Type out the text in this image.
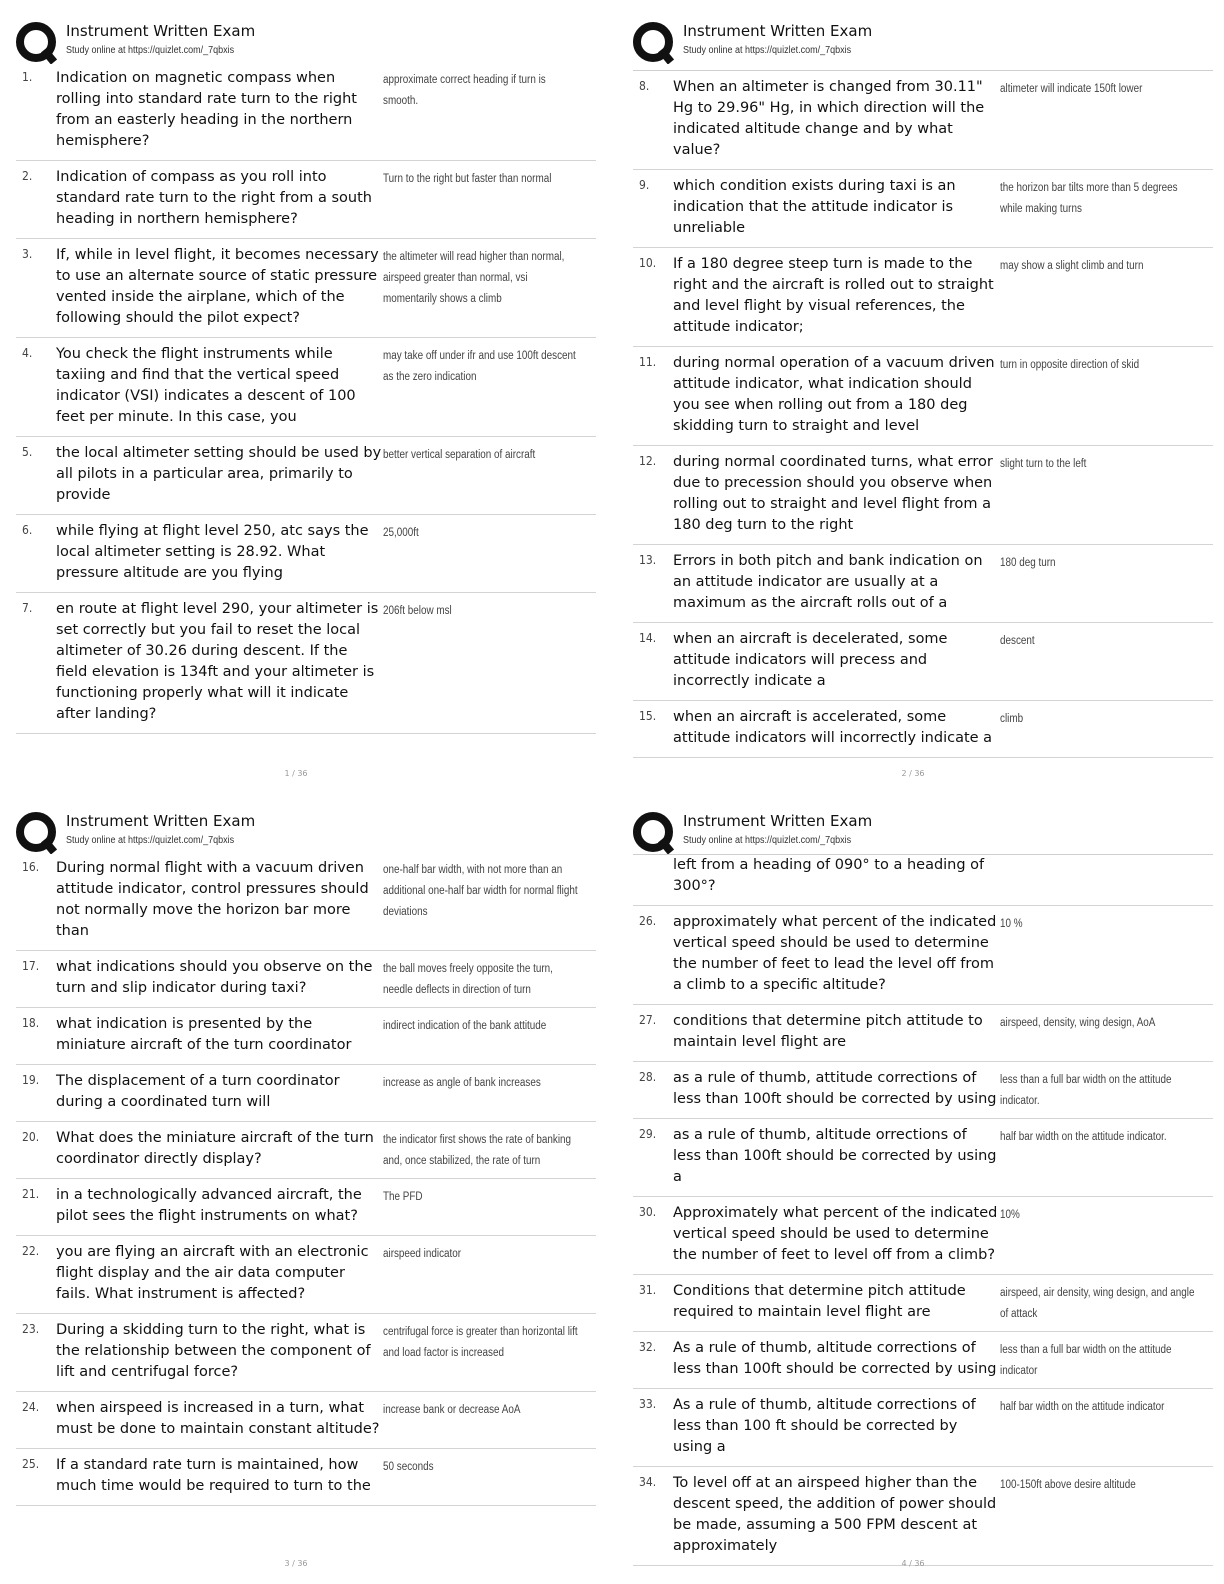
Instrument Written Exam
Study online at https://quizlet.com/_7qbxis
1.	Indication on magnetic compass when rolling into standard rate turn to the right from an easterly heading in the northern hemisphere?
approximate correct heading if turn is smooth.
2.	Indication of compass as you roll into standard rate turn to the right from a south heading in northern hemisphere?
Turn to the right but faster than normal
3.	If, while in level flight, it becomes necessary to use an alternate source of static pressure vented inside the airplane, which of the following should the pilot expect?
the altimeter will read higher than normal, airspeed greater than normal, vsi momentarily shows a climb
4.	You check the flight instruments while taxiing and find that the vertical speed indicator (VSI) indicates a descent of 100 feet per minute. In this case, you
may take off under ifr and use 100ft descent as the zero indication
5.	the local altimeter setting should be used by all pilots in a particular area, primarily to provide
better vertical separation of aircraft
6.	while flying at flight level 250, atc says the local altimeter setting is 28.92. What pressure altitude are you flying
25,000ft
7.	en route at flight level 290, your altimeter is set correctly but you fail to reset the local altimeter of 30.26 during descent. If the field elevation is 134ft and your altimeter is functioning properly what will it indicate after landing?
206ft below msl
1 / 36
Instrument Written Exam
Study online at https://quizlet.com/_7qbxis
8.	When an altimeter is changed from 30.11" Hg to 29.96" Hg, in which direction will the indicated altitude change and by what value?
altimeter will indicate 150ft lower
9.	which condition exists during taxi is an indication that the attitude indicator is unreliable
the horizon bar tilts more than 5 degrees while making turns
10.	If a 180 degree steep turn is made to the right and the aircraft is rolled out to straight and level flight by visual references, the attitude indicator;
may show a slight climb and turn
11.	during normal operation of a vacuum driven attitude indicator, what indication should you see when rolling out from a 180 deg skidding turn to straight and level
turn in opposite direction of skid
12.	during normal coordinated turns, what error due to precession should you observe when rolling out to straight and level flight from a 180 deg turn to the right
slight turn to the left
13.	Errors in both pitch and bank indication on an attitude indicator are usually at a maximum as the aircraft rolls out of a
180 deg turn
14.	when an aircraft is decelerated, some attitude indicators will precess and incorrectly indicate a
descent
15.	when an aircraft is accelerated, some attitude indicators will incorrectly indicate a
climb
2 / 36
Instrument Written Exam
Study online at https://quizlet.com/_7qbxis
16.	During normal flight with a vacuum driven attitude indicator, control pressures should not normally move the horizon bar more than
one-half bar width, with not more than an additional one-half bar width for normal flight deviations
17.	what indications should you observe on the turn and slip indicator during taxi?
the ball moves freely opposite the turn, needle deflects in direction of turn
18.	what indication is presented by the miniature aircraft of the turn coordinator
indirect indication of the bank attitude
19.	The displacement of a turn coordinator during a coordinated turn will
increase as angle of bank increases
20.	What does the miniature aircraft of the turn coordinator directly display?
the indicator first shows the rate of banking and, once stabilized, the rate of turn
21.	in a technologically advanced aircraft, the pilot sees the flight instruments on what?
The PFD
22.	you are flying an aircraft with an electronic flight display and the air data computer fails. What instrument is affected?
airspeed indicator
23.	During a skidding turn to the right, what is the relationship between the component of lift and centrifugal force?
centrifugal force is greater than horizontal lift and load factor is increased
24.	when airspeed is increased in a turn, what must be done to maintain constant altitude?
increase bank or decrease AoA
25.	If a standard rate turn is maintained, how much time would be required to turn to the
50 seconds
3 / 36
Instrument Written Exam
Study online at https://quizlet.com/_7qbxis
left from a heading of 090° to a heading of 300°?
26.	approximately what percent of the indicated vertical speed should be used to determine the number of feet to lead the level off from a climb to a specific altitude?
10 %
27.	conditions that determine pitch attitude to maintain level flight are
airspeed, density, wing design, AoA
28.	as a rule of thumb, attitude corrections of less than 100ft should be corrected by using
less than a full bar width on the attitude indicator.
29.	as a rule of thumb, altitude orrections of less than 100ft should be corrected by using a
half bar width on the attitude indicator.
30.	Approximately what percent of the indicated vertical speed should be used to determine the number of feet to level off from a climb?
10%
31.	Conditions that determine pitch attitude required to maintain level flight are
airspeed, air density, wing design, and angle of attack
32.	As a rule of thumb, altitude corrections of less than 100ft should be corrected by using
less than a full bar width on the attitude indicator
33.	As a rule of thumb, altitude corrections of less than 100 ft should be corrected by using a
half bar width on the attitude indicator
34.	To level off at an airspeed higher than the descent speed, the addition of power should be made, assuming a 500 FPM descent at approximately
100-150ft above desire altitude
4 / 36
